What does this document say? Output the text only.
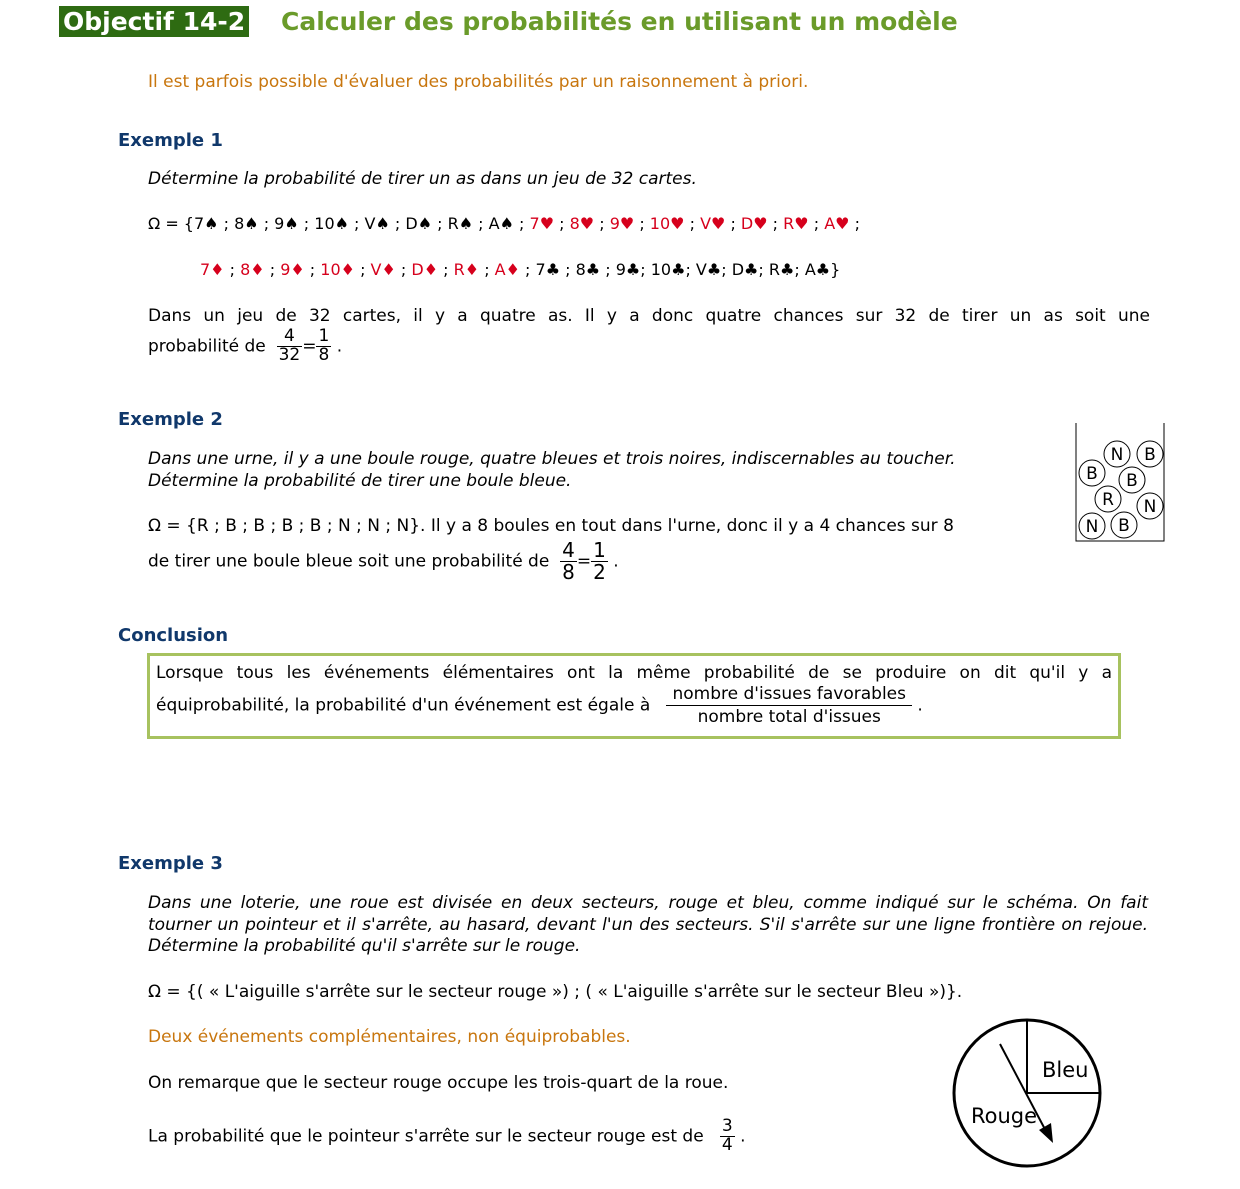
Objectif 14-2 Calculer des probabilités en utilisant un modèle
Il est parfois possible d'évaluer des probabilités par un raisonnement à priori.
Exemple 1
Détermine la probabilité de tirer un as dans un jeu de 32 cartes.
Ω = {7♠ ; 8♠ ; 9♠ ; 10♠ ; V♠ ; D♠ ; R♠ ; A♠ ; 7♥ ; 8♥ ; 9♥ ; 10♥ ; V♥ ; D♥ ; R♥ ; A♥ ;
7♦ ; 8♦ ; 9♦ ; 10♦ ; V♦ ; D♦ ; R♦ ; A♦ ; 7♣ ; 8♣ ; 9♣; 10♣; V♣; D♣; R♣; A♣}
Dans un jeu de 32 cartes, il y a quatre as. Il y a donc quatre chances sur 32 de tirer un as soit une
probabilité de $\frac{4}{32} = \frac{1}{8}$ .
Exemple 2
Dans une urne, il y a une boule rouge, quatre bleues et trois noires, indiscernables au toucher.
Détermine la probabilité de tirer une boule bleue.
Ω = {R ; B ; B ; B ; B ; N ; N ; N}. Il y a 8 boules en tout dans l'urne, donc il y a 4 chances sur 8
de tirer une boule bleue soit une probabilité de $\frac{4}{8} = \frac{1}{2}$ .
N B
B B
R N
N B
Conclusion
Lorsque tous les événements élémentaires ont la même probabilité de se produire on dit qu'il y a
équiprobabilité, la probabilité d'un événement est égale à $\frac{\text{nombre d'issues favorables}}{\text{nombre total d'issues}}$ .
Exemple 3
Dans une loterie, une roue est divisée en deux secteurs, rouge et bleu, comme indiqué sur le schéma. On fait tourner un pointeur et il s'arrête, au hasard, devant l'un des secteurs. S'il s'arrête sur une ligne frontière on rejoue. Détermine la probabilité qu'il s'arrête sur le rouge.
Ω = {( « L'aiguille s'arrête sur le secteur rouge ») ; ( « L'aiguille s'arrête sur le secteur Bleu »)}.
Deux événements complémentaires, non équiprobables.
On remarque que le secteur rouge occupe les trois-quart de la roue.
La probabilité que le pointeur s'arrête sur le secteur rouge est de $\frac{3}{4}$ .
Bleu
Rouge
